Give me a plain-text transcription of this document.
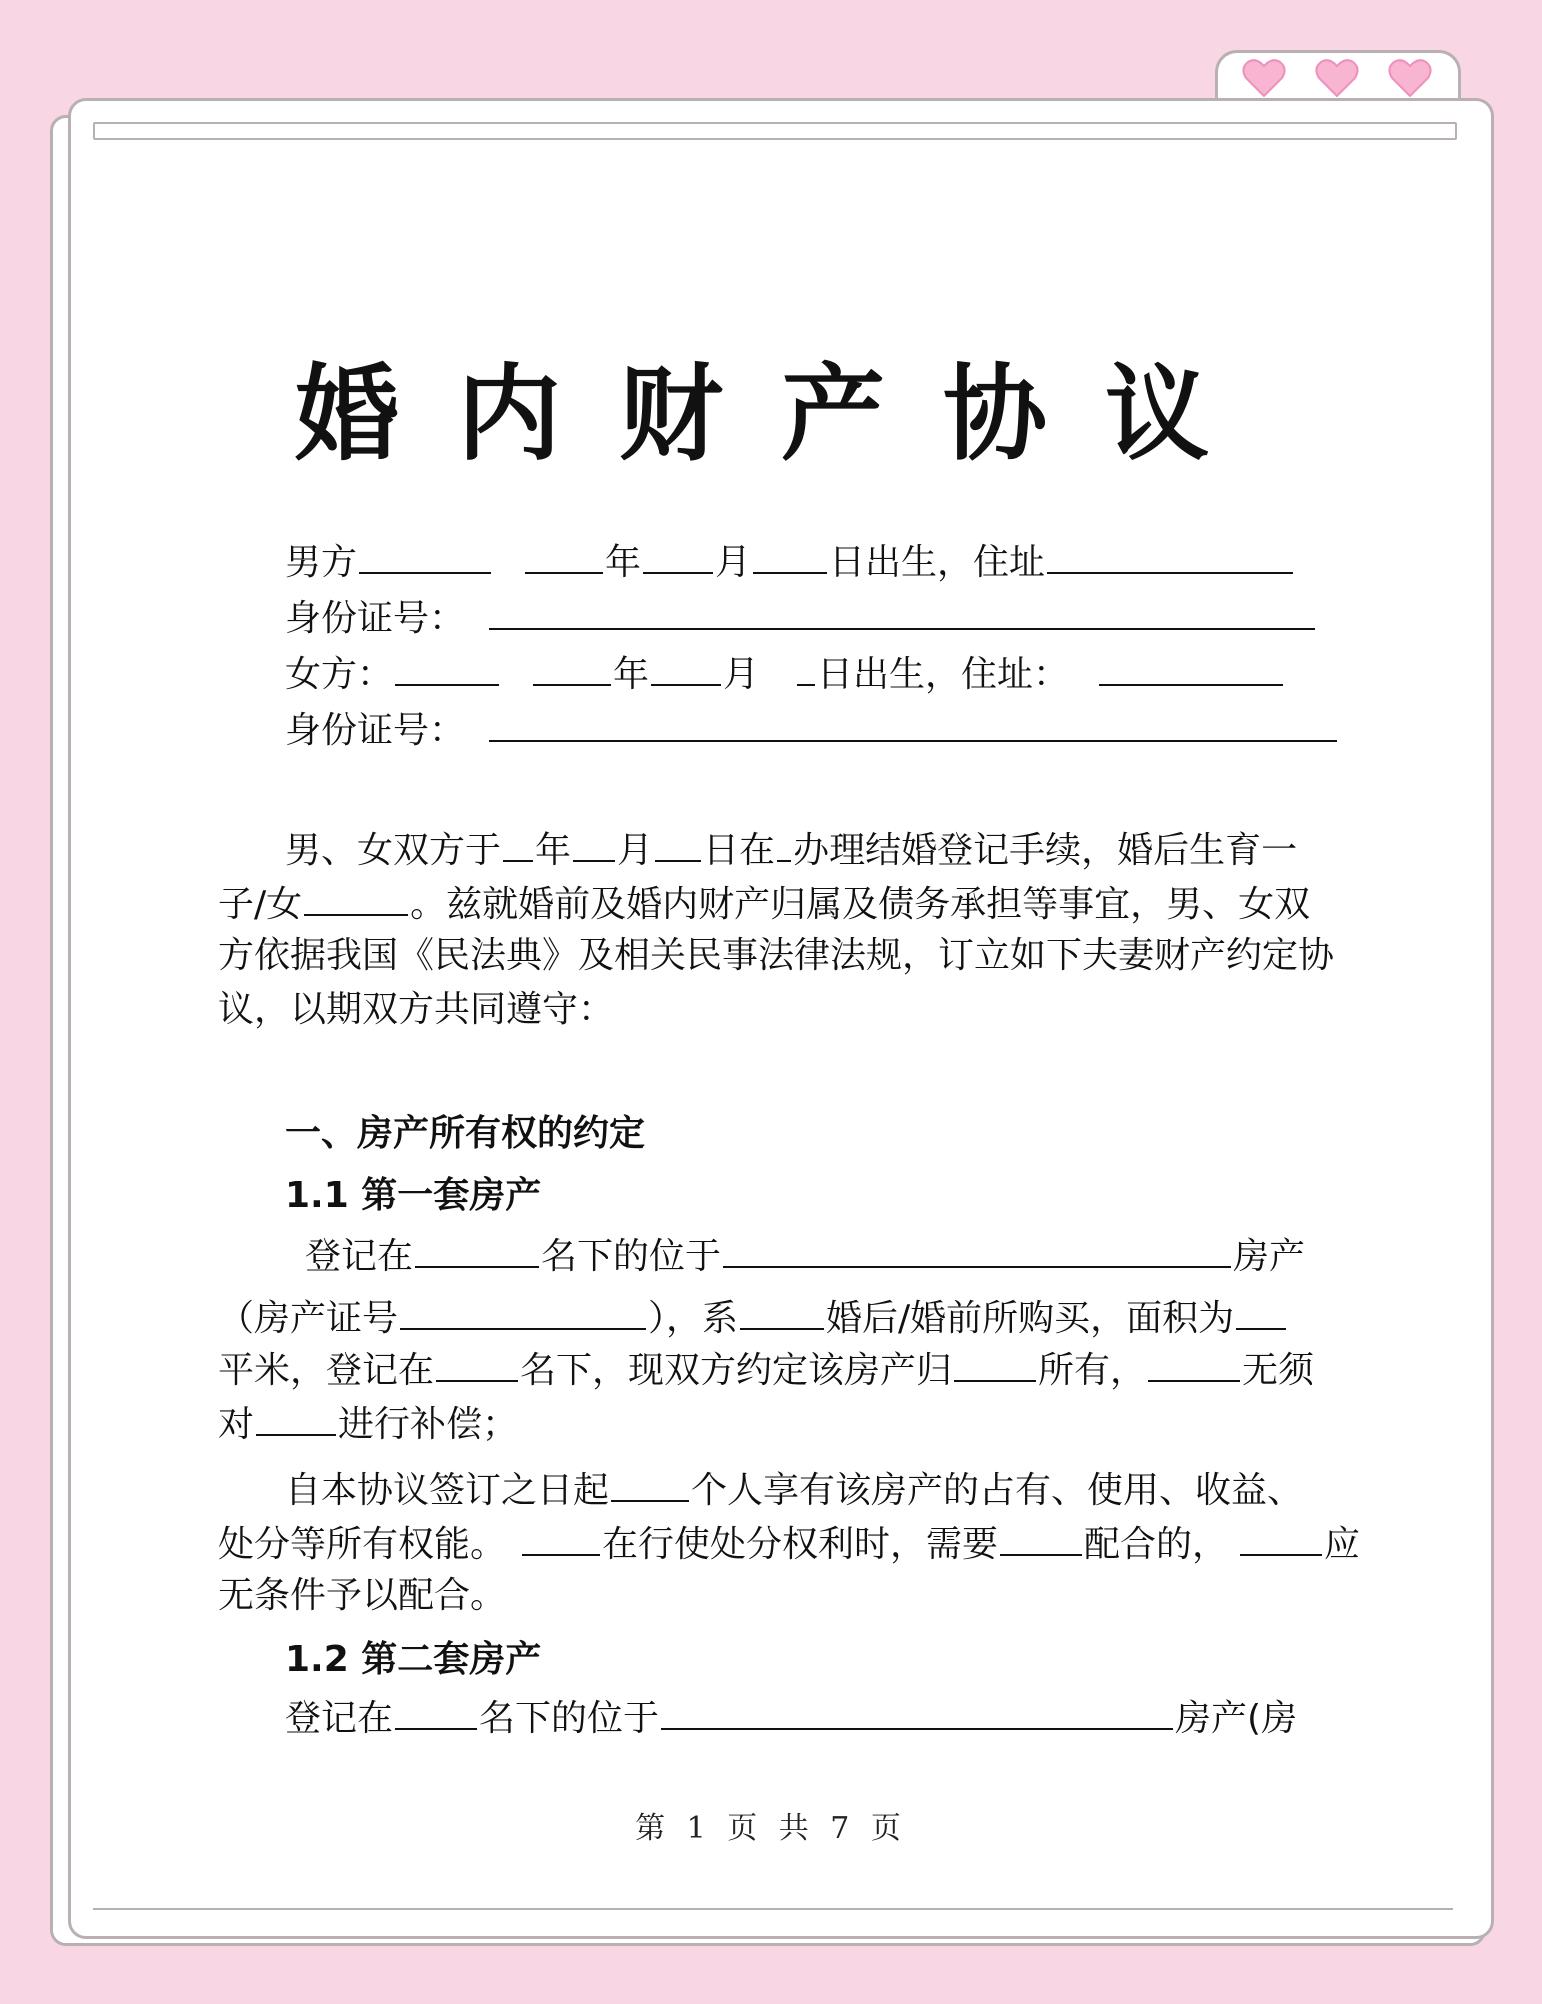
婚内财产协议
男方	年 月 日出生，住址
身份证号：
女方：	年 月 日出生，住址：
身份证号：
男、女双方于 年 月 日在 办理结婚登记手续，婚后生育一
子/女	。兹就婚前及婚内财产归属及债务承担等事宜，男、女双
方依据我国《民法典》及相关民事法律法规，订立如下夫妻财产约定协
议，以期双方共同遵守：
一、房产所有权的约定
1.1 第一套房产
登记在	名下的位于	房产
（房产证号	），系 婚后/婚前所购买，面积为
平米，登记在 名下，现双方约定该房产归 所有，	无须
对 进行补偿；
自本协议签订之日起 个人享有该房产的占有、使用、收益、
处分等所有权能。	在行使处分权利时，需要 配合的，	应
无条件予以配合。
1.2 第二套房产
登记在 名下的位于	房产(房
第 1 页 共 7 页
